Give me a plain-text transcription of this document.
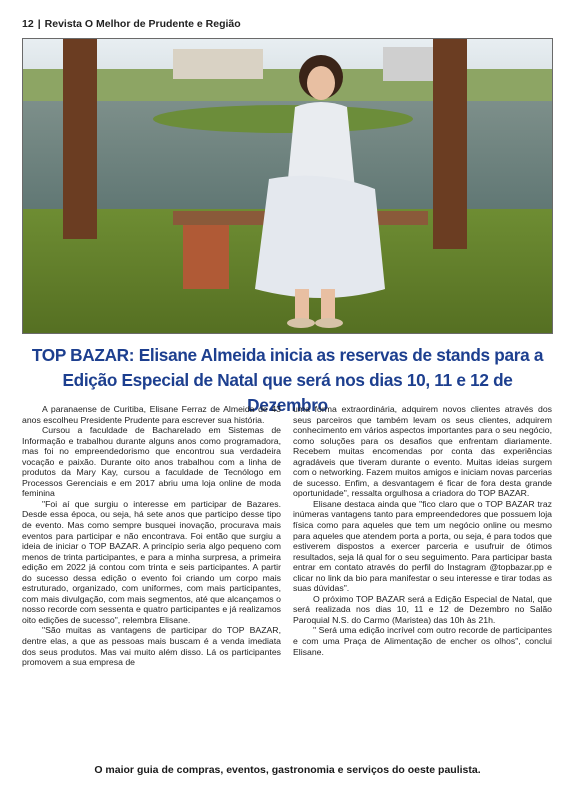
12 | Revista O Melhor de Prudente e Região
TOP BAZAR: Elisane Almeida inicia as reservas de stands para a
Edição Especial de Natal que será nos dias 10, 11 e 12 de Dezembro

A paranaense de Curitiba, Elisane Ferraz de Almeida de 43 anos escolheu Presidente Prudente para escrever sua história.

Cursou a faculdade de Bacharelado em Sistemas de Informação e trabalhou durante alguns anos como programadora, mas foi no empreendedorismo que encontrou sua verdadeira vocação e paixão. Durante oito anos trabalhou com a linha de produtos da Mary Kay, cursou a faculdade de Tecnólogo em Processos Gerenciais e em 2017 abriu uma loja online de moda feminina

"Foi aí que surgiu o interesse em participar de Bazares. Desde essa época, ou seja, há sete anos que participo desse tipo de evento. Mas como sempre busquei inovação, procurava mais eventos para participar e não encontrava. Foi então que surgiu a ideia de iniciar o TOP BAZAR. A princípio seria algo pequeno com menos de trinta participantes, e para a minha surpresa, a primeira edição em 2022 já contou com trinta e seis participantes. A partir do sucesso dessa edição o evento foi criando um corpo mais estruturado, organizado, com uniformes, com mais participantes, com mais divulgação, com mais segmentos, até que alcançamos o nosso recorde com sessenta e quatro participantes e já realizamos oito edições de sucesso", relembra Elisane.

"São muitas as vantagens de participar do TOP BAZAR, dentre elas, a que as pessoas mais buscam é a venda imediata dos seus produtos. Mas vai muito além disso. Lá os participantes promovem a sua empresa de

uma forma extraordinária, adquirem novos clientes através dos seus parceiros que também levam os seus clientes, adquirem conhecimento em vários aspectos importantes para o seu negócio, como soluções para os desafios que enfrentam diariamente. Recebem muitas encomendas por conta das experiências agradáveis que tiveram durante o evento. Muitas ideias surgem com o networking. Fazem muitos amigos e iniciam novas parcerias de sucesso. Enfim, a desvantagem é ficar de fora desta grande oportunidade", ressalta orgulhosa a criadora do TOP BAZAR.

Elisane destaca ainda que "fico claro que o TOP BAZAR traz inúmeras vantagens tanto para empreendedores que possuem loja física como para aqueles que tem um negócio online ou mesmo para aqueles que atendem porta a porta, ou seja, é para todos que estiverem dispostos a exercer parceria e usufruir de ótimos resultados, seja lá qual for o seu seguimento. Para participar basta entrar em contato através do perfil do Instagram @topbazar.pp e clicar no link da bio para manifestar o seu interesse e tirar todas as suas dúvidas".

O próximo TOP BAZAR será a Edição Especial de Natal, que será realizada nos dias 10, 11 e 12 de Dezembro no Salão Paroquial N.S. do Carmo (Maristea) das 10h às 21h.

" Será uma edição incrível com outro recorde de participantes e com uma Praça de Alimentação de encher os olhos", conclui Elisane.

O maior guia de compras, eventos, gastronomia e serviços do oeste paulista.
